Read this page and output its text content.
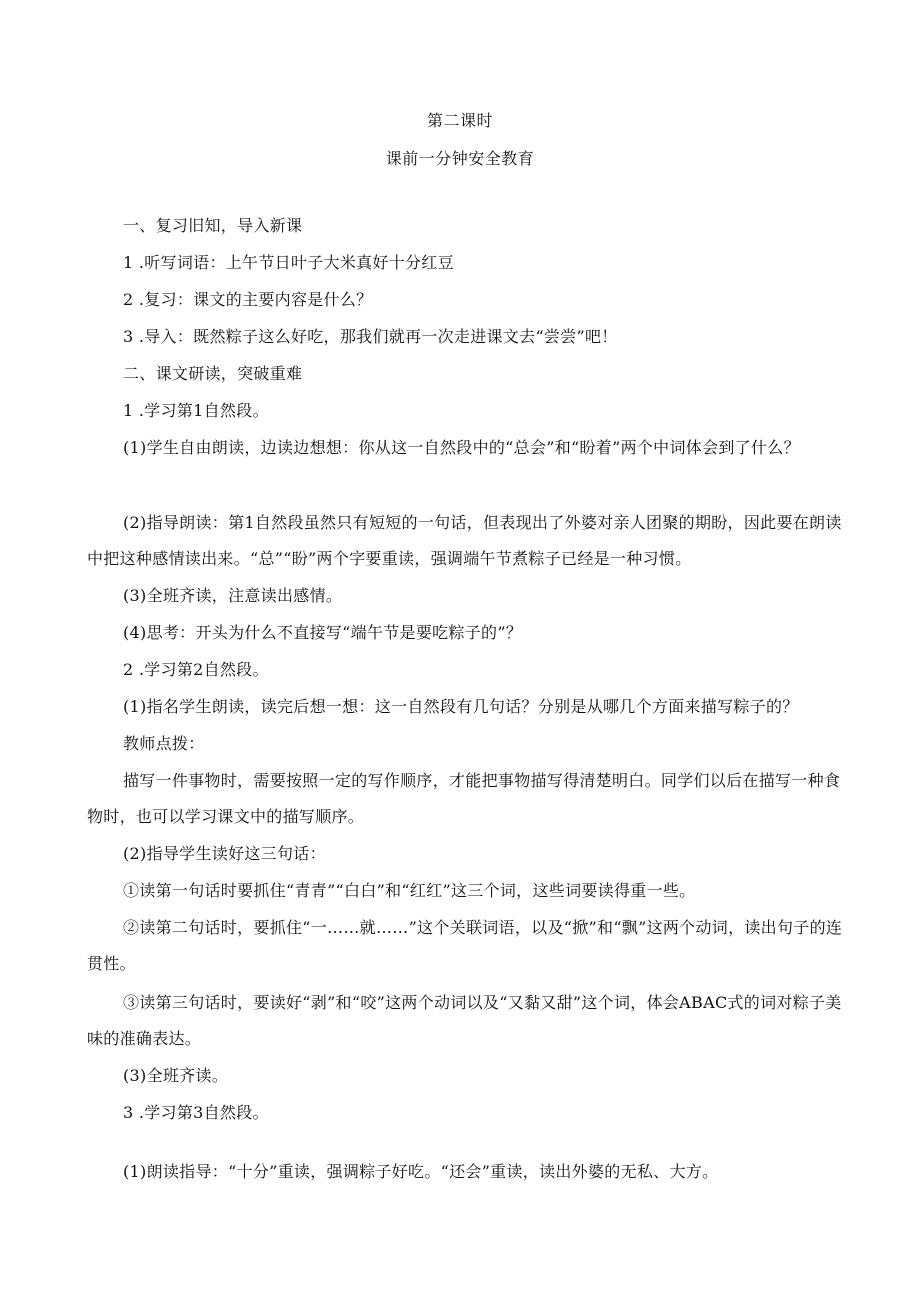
第二课时
课前一分钟安全教育
一、复习旧知，导入新课
1 .听写词语：上午节日叶子大米真好十分红豆
2 .复习：课文的主要内容是什么？
3 .导入：既然粽子这么好吃，那我们就再一次走进课文去“尝尝”吧！
二、课文研读，突破重难
1 .学习第1自然段。
(1)学生自由朗读，边读边想想：你从这一自然段中的“总会”和“盼着”两个中词体会到了什么？
(2)指导朗读：第1自然段虽然只有短短的一句话，但表现出了外婆对亲人团聚的期盼，因此要在朗读中把这种感情读出来。“总”“盼”两个字要重读，强调端午节煮粽子已经是一种习惯。
(3)全班齐读，注意读出感情。
(4)思考：开头为什么不直接写“端午节是要吃粽子的”？
2 .学习第2自然段。
(1)指名学生朗读，读完后想一想：这一自然段有几句话？分别是从哪几个方面来描写粽子的？
教师点拨：
描写一件事物时，需要按照一定的写作顺序，才能把事物描写得清楚明白。同学们以后在描写一种食物时，也可以学习课文中的描写顺序。
(2)指导学生读好这三句话：
①读第一句话时要抓住“青青”“白白”和“红红”这三个词，这些词要读得重一些。
②读第二句话时，要抓住“一……就……”这个关联词语，以及“掀”和“飘”这两个动词，读出句子的连贯性。
③读第三句话时，要读好“剥”和“咬”这两个动词以及“又黏又甜”这个词，体会ABAC式的词对粽子美味的准确表达。
(3)全班齐读。
3 .学习第3自然段。
(1)朗读指导：“十分”重读，强调粽子好吃。“还会”重读，读出外婆的无私、大方。
